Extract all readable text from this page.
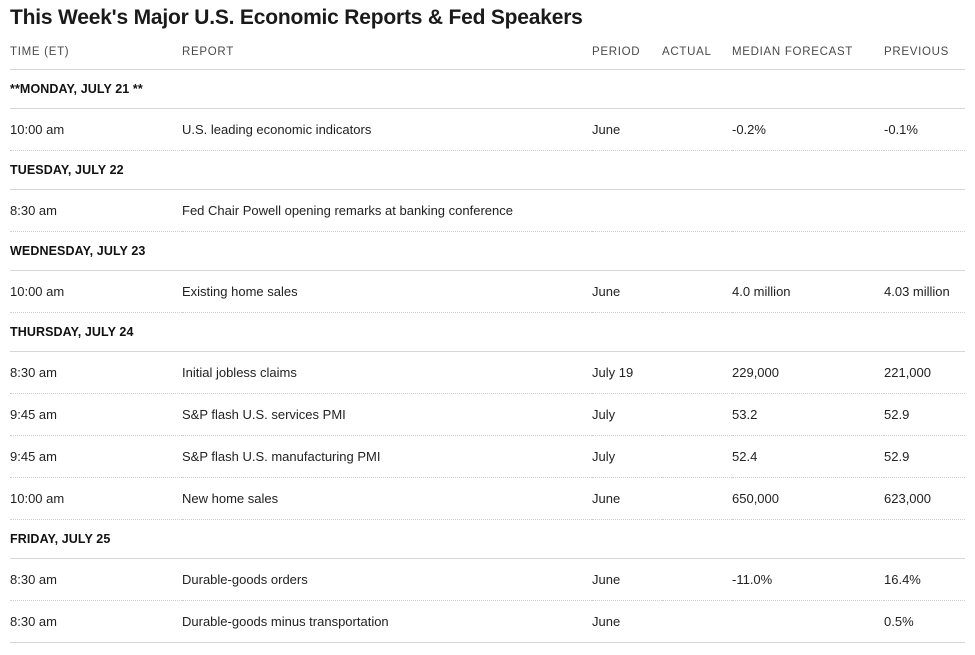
This Week's Major U.S. Economic Reports & Fed Speakers
TIME (ET)	REPORT	PERIOD	ACTUAL	MEDIAN FORECAST	PREVIOUS
**MONDAY, JULY 21 **					
10:00 am	U.S. leading economic indicators	June		-0.2%	-0.1%
TUESDAY, JULY 22					
8:30 am	Fed Chair Powell opening remarks at banking conference				
WEDNESDAY, JULY 23					
10:00 am	Existing home sales	June		4.0 million	4.03 million
THURSDAY, JULY 24					
8:30 am	Initial jobless claims	July 19		229,000	221,000
9:45 am	S&P flash U.S. services PMI	July		53.2	52.9
9:45 am	S&P flash U.S. manufacturing PMI	July		52.4	52.9
10:00 am	New home sales	June		650,000	623,000
FRIDAY, JULY 25					
8:30 am	Durable-goods orders	June		-11.0%	16.4%
8:30 am	Durable-goods minus transportation	June			0.5%
